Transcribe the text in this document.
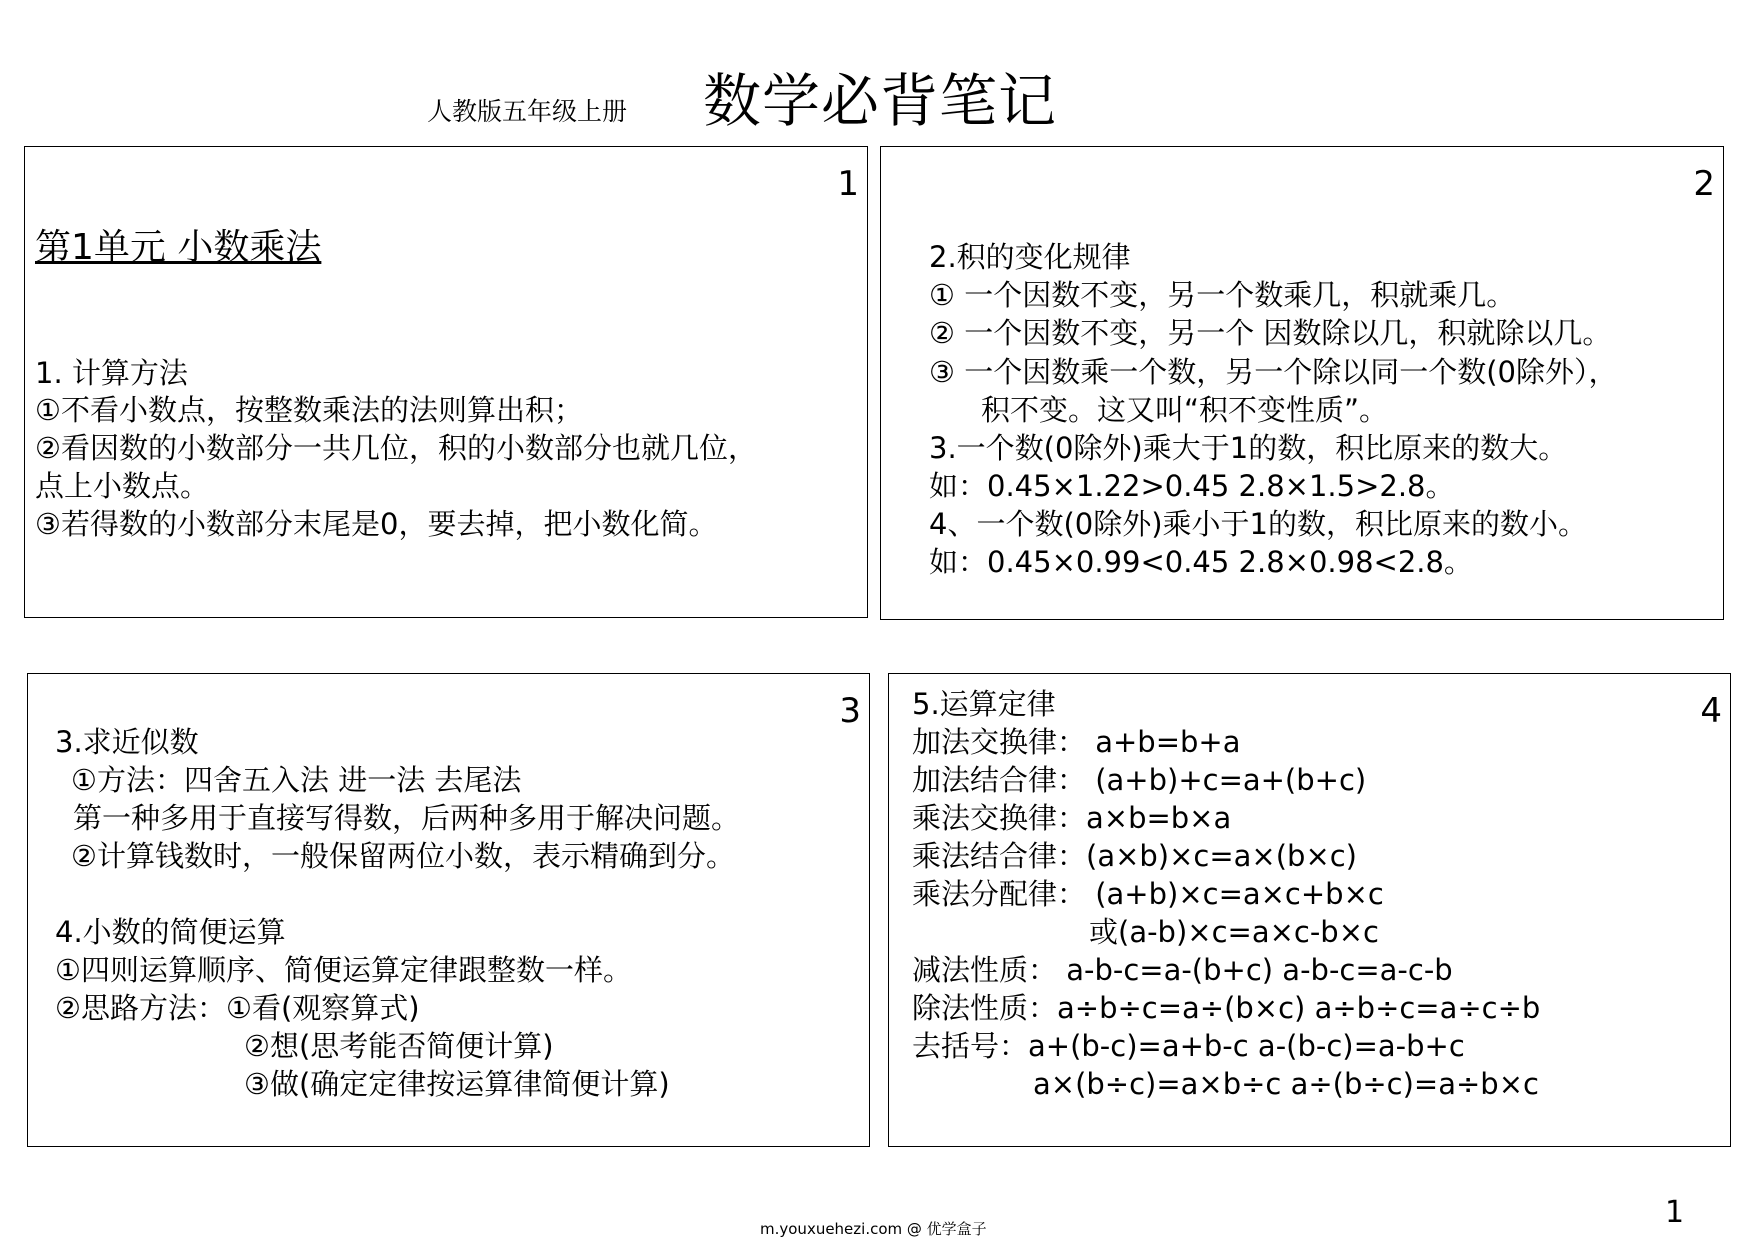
人教版五年级上册 数学必背笔记
1
第1单元 小数乘法
1. 计算方法
①不看小数点，按整数乘法的法则算出积；
②看因数的小数部分一共几位，积的小数部分也就几位，
点上小数点。
③若得数的小数部分末尾是0，要去掉，把小数化简。
2
2.积的变化规律
① 一个因数不变，另一个数乘几，积就乘几。
② 一个因数不变，另一个 因数除以几，积就除以几。
③ 一个因数乘一个数，另一个除以同一个数(0除外），
积不变。这又叫“积不变性质”。
3.一个数(0除外)乘大于1的数，积比原来的数大。
如：0.45×1.22>0.45 2.8×1.5>2.8。
4、一个数(0除外)乘小于1的数，积比原来的数小。
如：0.45×0.99<0.45 2.8×0.98<2.8。
3
3.求近似数
①方法：四舍五入法 进一法 去尾法
第一种多用于直接写得数，后两种多用于解决问题。
②计算钱数时，一般保留两位小数，表示精确到分。
4.小数的简便运算
①四则运算顺序、简便运算定律跟整数一样。
②思路方法：①看(观察算式)
②想(思考能否简便计算)
③做(确定定律按运算律简便计算)
4
5.运算定律
加法交换律： a+b=b+a
加法结合律： (a+b)+c=a+(b+c)
乘法交换律：a×b=b×a
乘法结合律：(a×b)×c=a×(b×c)
乘法分配律： (a+b)×c=a×c+b×c
或(a-b)×c=a×c-b×c
减法性质： a-b-c=a-(b+c) a-b-c=a-c-b
除法性质：a÷b÷c=a÷(b×c) a÷b÷c=a÷c÷b
去括号：a+(b-c)=a+b-c a-(b-c)=a-b+c
a×(b÷c)=a×b÷c a÷(b÷c)=a÷b×c
m.youxuehezi.com @ 优学盒子	1
